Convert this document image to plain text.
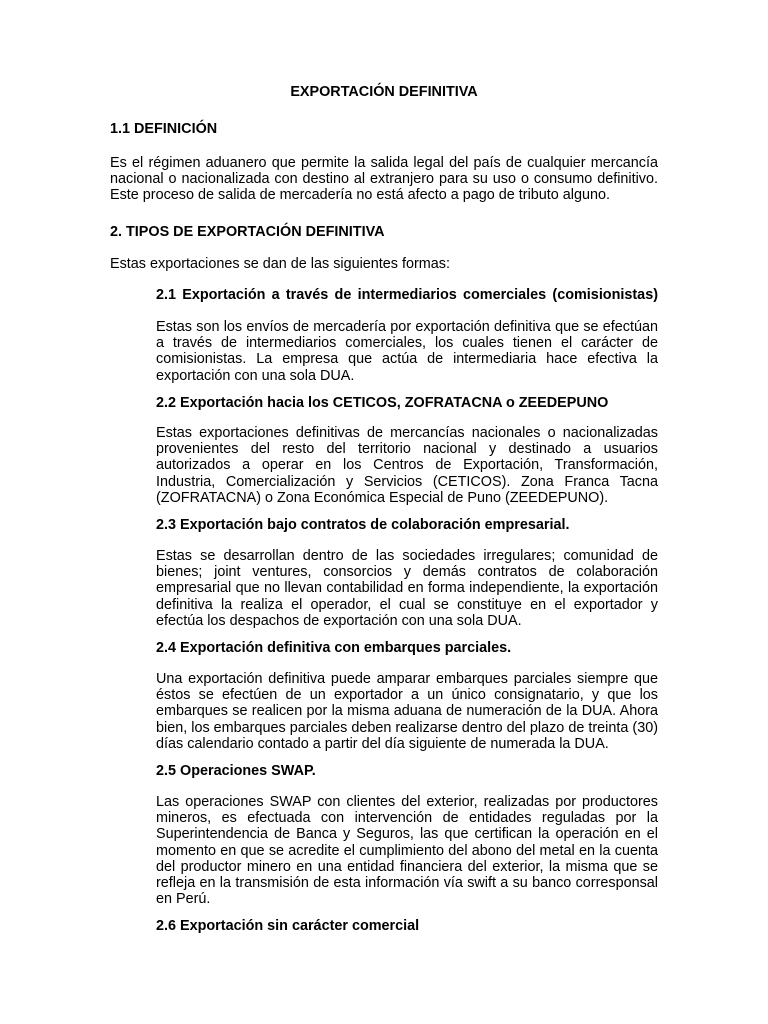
EXPORTACIÓN DEFINITIVA

1.1 DEFINICIÓN

Es el régimen aduanero que permite la salida legal del país de cualquier mercancía nacional o nacionalizada con destino al extranjero para su uso o consumo definitivo. Este proceso de salida de mercadería no está afecto a pago de tributo alguno.

2. TIPOS DE EXPORTACIÓN DEFINITIVA

Estas exportaciones se dan de las siguientes formas:

2.1 Exportación a través de intermediarios comerciales (comisionistas)

Estas son los envíos de mercadería por exportación definitiva que se efectúan a través de intermediarios comerciales, los cuales tienen el carácter de comisionistas. La empresa que actúa de intermediaria hace efectiva la exportación con una sola DUA.

2.2 Exportación hacia los CETICOS, ZOFRATACNA o ZEEDEPUNO

Estas exportaciones definitivas de mercancías nacionales o nacionalizadas provenientes del resto del territorio nacional y destinado a usuarios autorizados a operar en los Centros de Exportación, Transformación, Industria, Comercialización y Servicios (CETICOS). Zona Franca Tacna (ZOFRATACNA) o Zona Económica Especial de Puno (ZEEDEPUNO).

2.3 Exportación bajo contratos de colaboración empresarial.

Estas se desarrollan dentro de las sociedades irregulares; comunidad de bienes; joint ventures, consorcios y demás contratos de colaboración empresarial que no llevan contabilidad en forma independiente, la exportación definitiva la realiza el operador, el cual se constituye en el exportador y efectúa los despachos de exportación con una sola DUA.

2.4 Exportación definitiva con embarques parciales.

Una exportación definitiva puede amparar embarques parciales siempre que éstos se efectúen de un exportador a un único consignatario, y que los embarques se realicen por la misma aduana de numeración de la DUA. Ahora bien, los embarques parciales deben realizarse dentro del plazo de treinta (30) días calendario contado a partir del día siguiente de numerada la DUA.

2.5 Operaciones SWAP.

Las operaciones SWAP con clientes del exterior, realizadas por productores mineros, es efectuada con intervención de entidades reguladas por la Superintendencia de Banca y Seguros, las que certifican la operación en el momento en que se acredite el cumplimiento del abono del metal en la cuenta del productor minero en una entidad financiera del exterior, la misma que se refleja en la transmisión de esta información vía swift a su banco corresponsal en Perú.

2.6 Exportación sin carácter comercial
